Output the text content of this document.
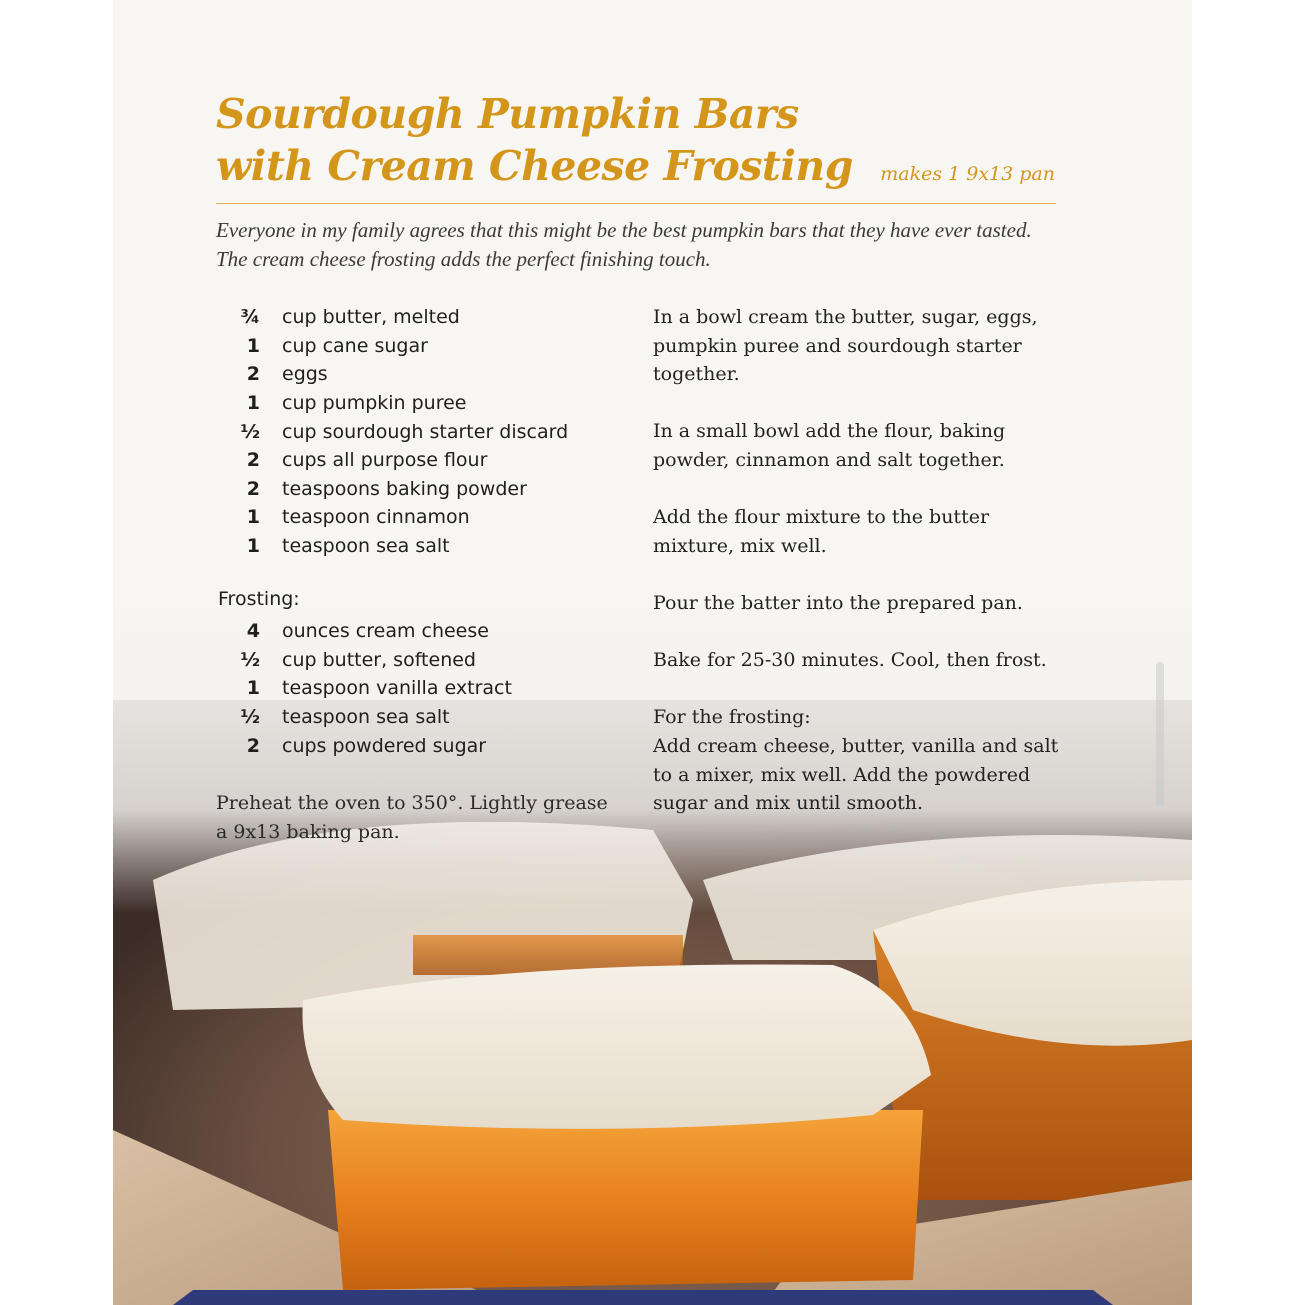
Sourdough Pumpkin Bars
with Cream Cheese Frosting	makes 1 9x13 pan
Everyone in my family agrees that this might be the best pumpkin bars that they have ever tasted. The cream cheese frosting adds the perfect finishing touch.
¾	cup butter, melted
1	cup cane sugar
2	eggs
1	cup pumpkin puree
½	cup sourdough starter discard
2	cups all purpose flour
2	teaspoons baking powder
1	teaspoon cinnamon
1	teaspoon sea salt
Frosting:
4	ounces cream cheese
½	cup butter, softened
1	teaspoon vanilla extract
½	teaspoon sea salt
2	cups powdered sugar
Preheat the oven to 350°. Lightly grease a 9x13 baking pan.

In a bowl cream the butter, sugar, eggs, pumpkin puree and sourdough starter together.

In a small bowl add the flour, baking powder, cinnamon and salt together.

Add the flour mixture to the butter mixture, mix well.

Pour the batter into the prepared pan.

Bake for 25-30 minutes. Cool, then frost.

For the frosting:

Add cream cheese, butter, vanilla and salt to a mixer, mix well. Add the powdered sugar and mix until smooth.
